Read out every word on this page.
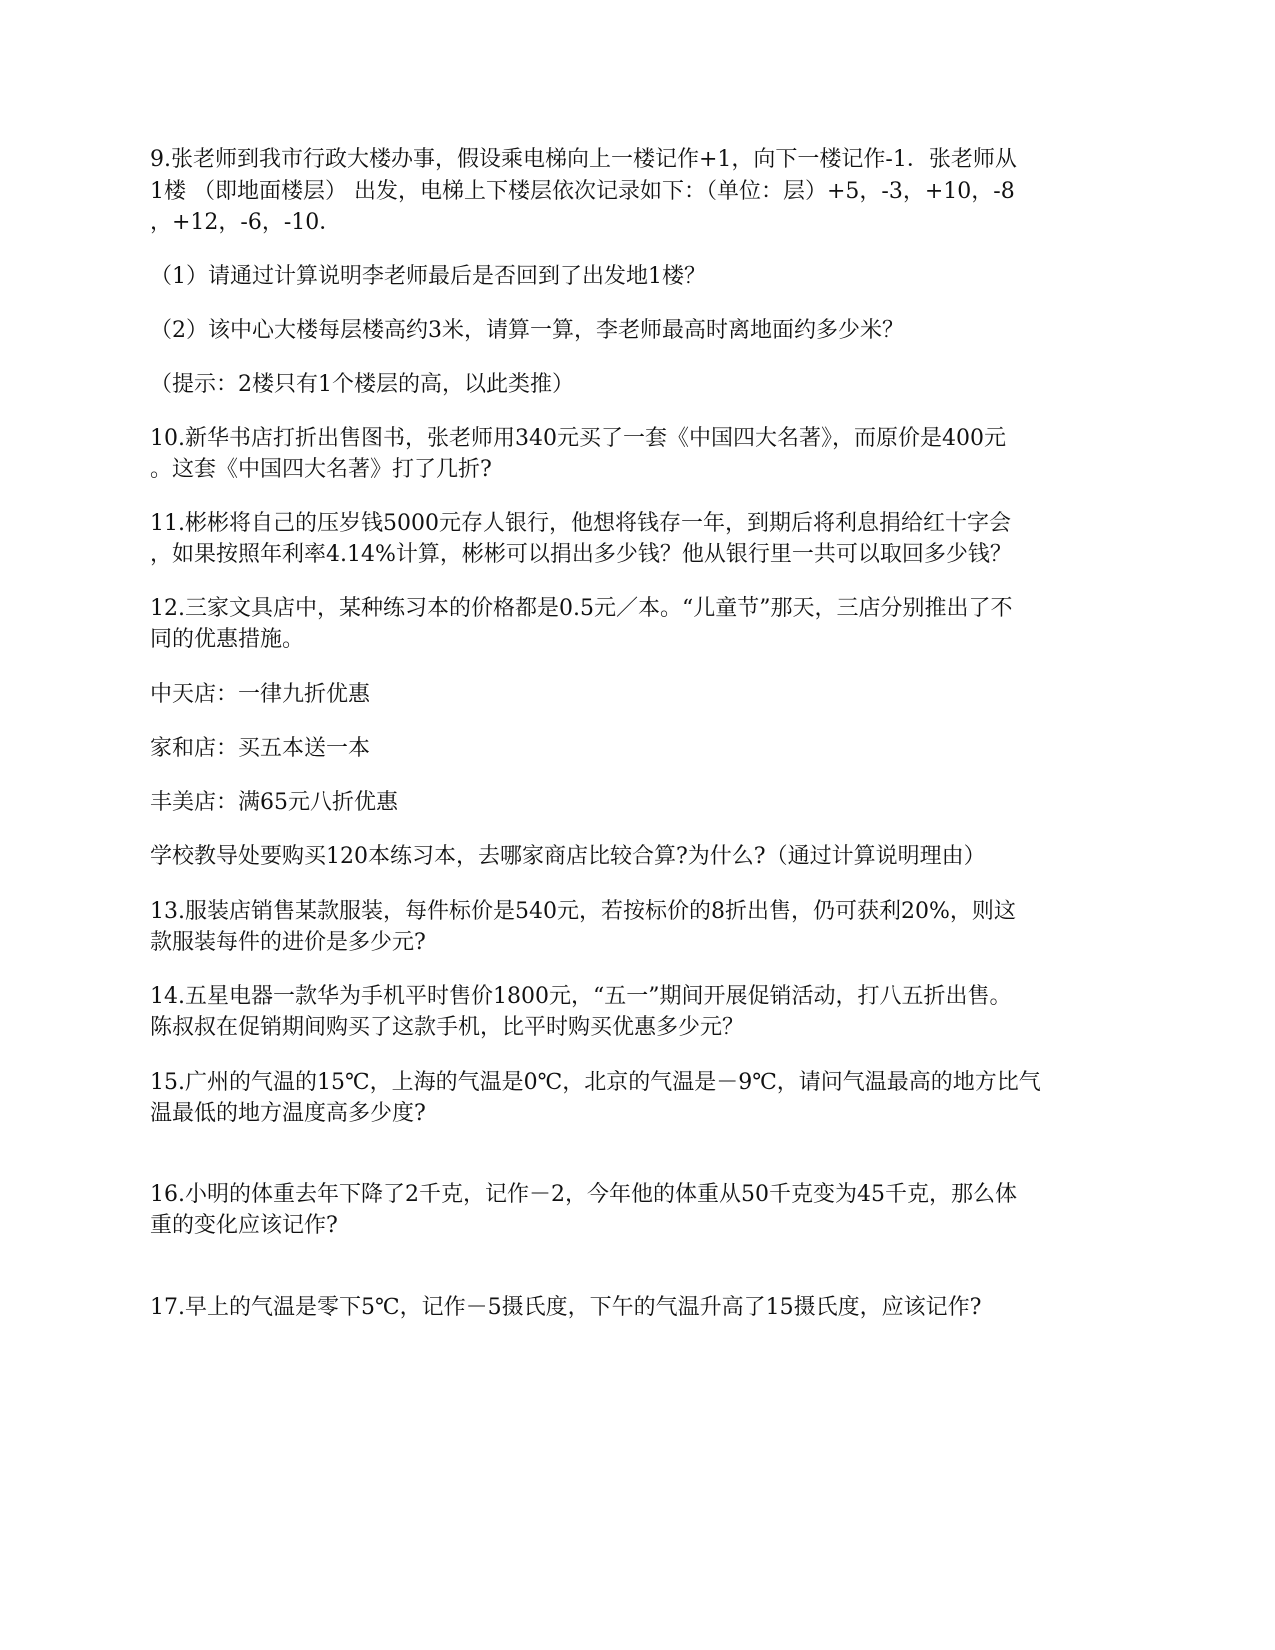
9.张老师到我市行政大楼办事，假设乘电梯向上一楼记作+1，向下一楼记作-1．张老师从

1楼 （即地面楼层） 出发，电梯上下楼层依次记录如下：（单位：层）+5，-3，+10，-8

，+12，-6，-10．

（1）请通过计算说明李老师最后是否回到了出发地1楼？

（2）该中心大楼每层楼高约3米，请算一算，李老师最高时离地面约多少米？

（提示：2楼只有1个楼层的高，以此类推）

10.新华书店打折出售图书，张老师用340元买了一套《中国四大名著》，而原价是400元

。这套《中国四大名著》打了几折?

11.彬彬将自己的压岁钱5000元存人银行，他想将钱存一年，到期后将利息捐给红十字会

，如果按照年利率4.14%计算，彬彬可以捐出多少钱？他从银行里一共可以取回多少钱？

12.三家文具店中，某种练习本的价格都是0.5元／本。“儿童节”那天，三店分别推出了不

同的优惠措施。

中天店：一律九折优惠

家和店：买五本送一本

丰美店：满65元八折优惠

学校教导处要购买120本练习本，去哪家商店比较合算?为什么?（通过计算说明理由）

13.服装店销售某款服装，每件标价是540元，若按标价的8折出售，仍可获利20%，则这

款服装每件的进价是多少元?

14.五星电器一款华为手机平时售价1800元，“五一”期间开展促销活动，打八五折出售。

陈叔叔在促销期间购买了这款手机，比平时购买优惠多少元？

15.广州的气温的15℃，上海的气温是0℃，北京的气温是－9℃，请问气温最高的地方比气

温最低的地方温度高多少度?

16.小明的体重去年下降了2千克，记作－2，今年他的体重从50千克变为45千克，那么体

重的变化应该记作?

17.早上的气温是零下5℃，记作－5摄氏度，下午的气温升高了15摄氏度，应该记作?
